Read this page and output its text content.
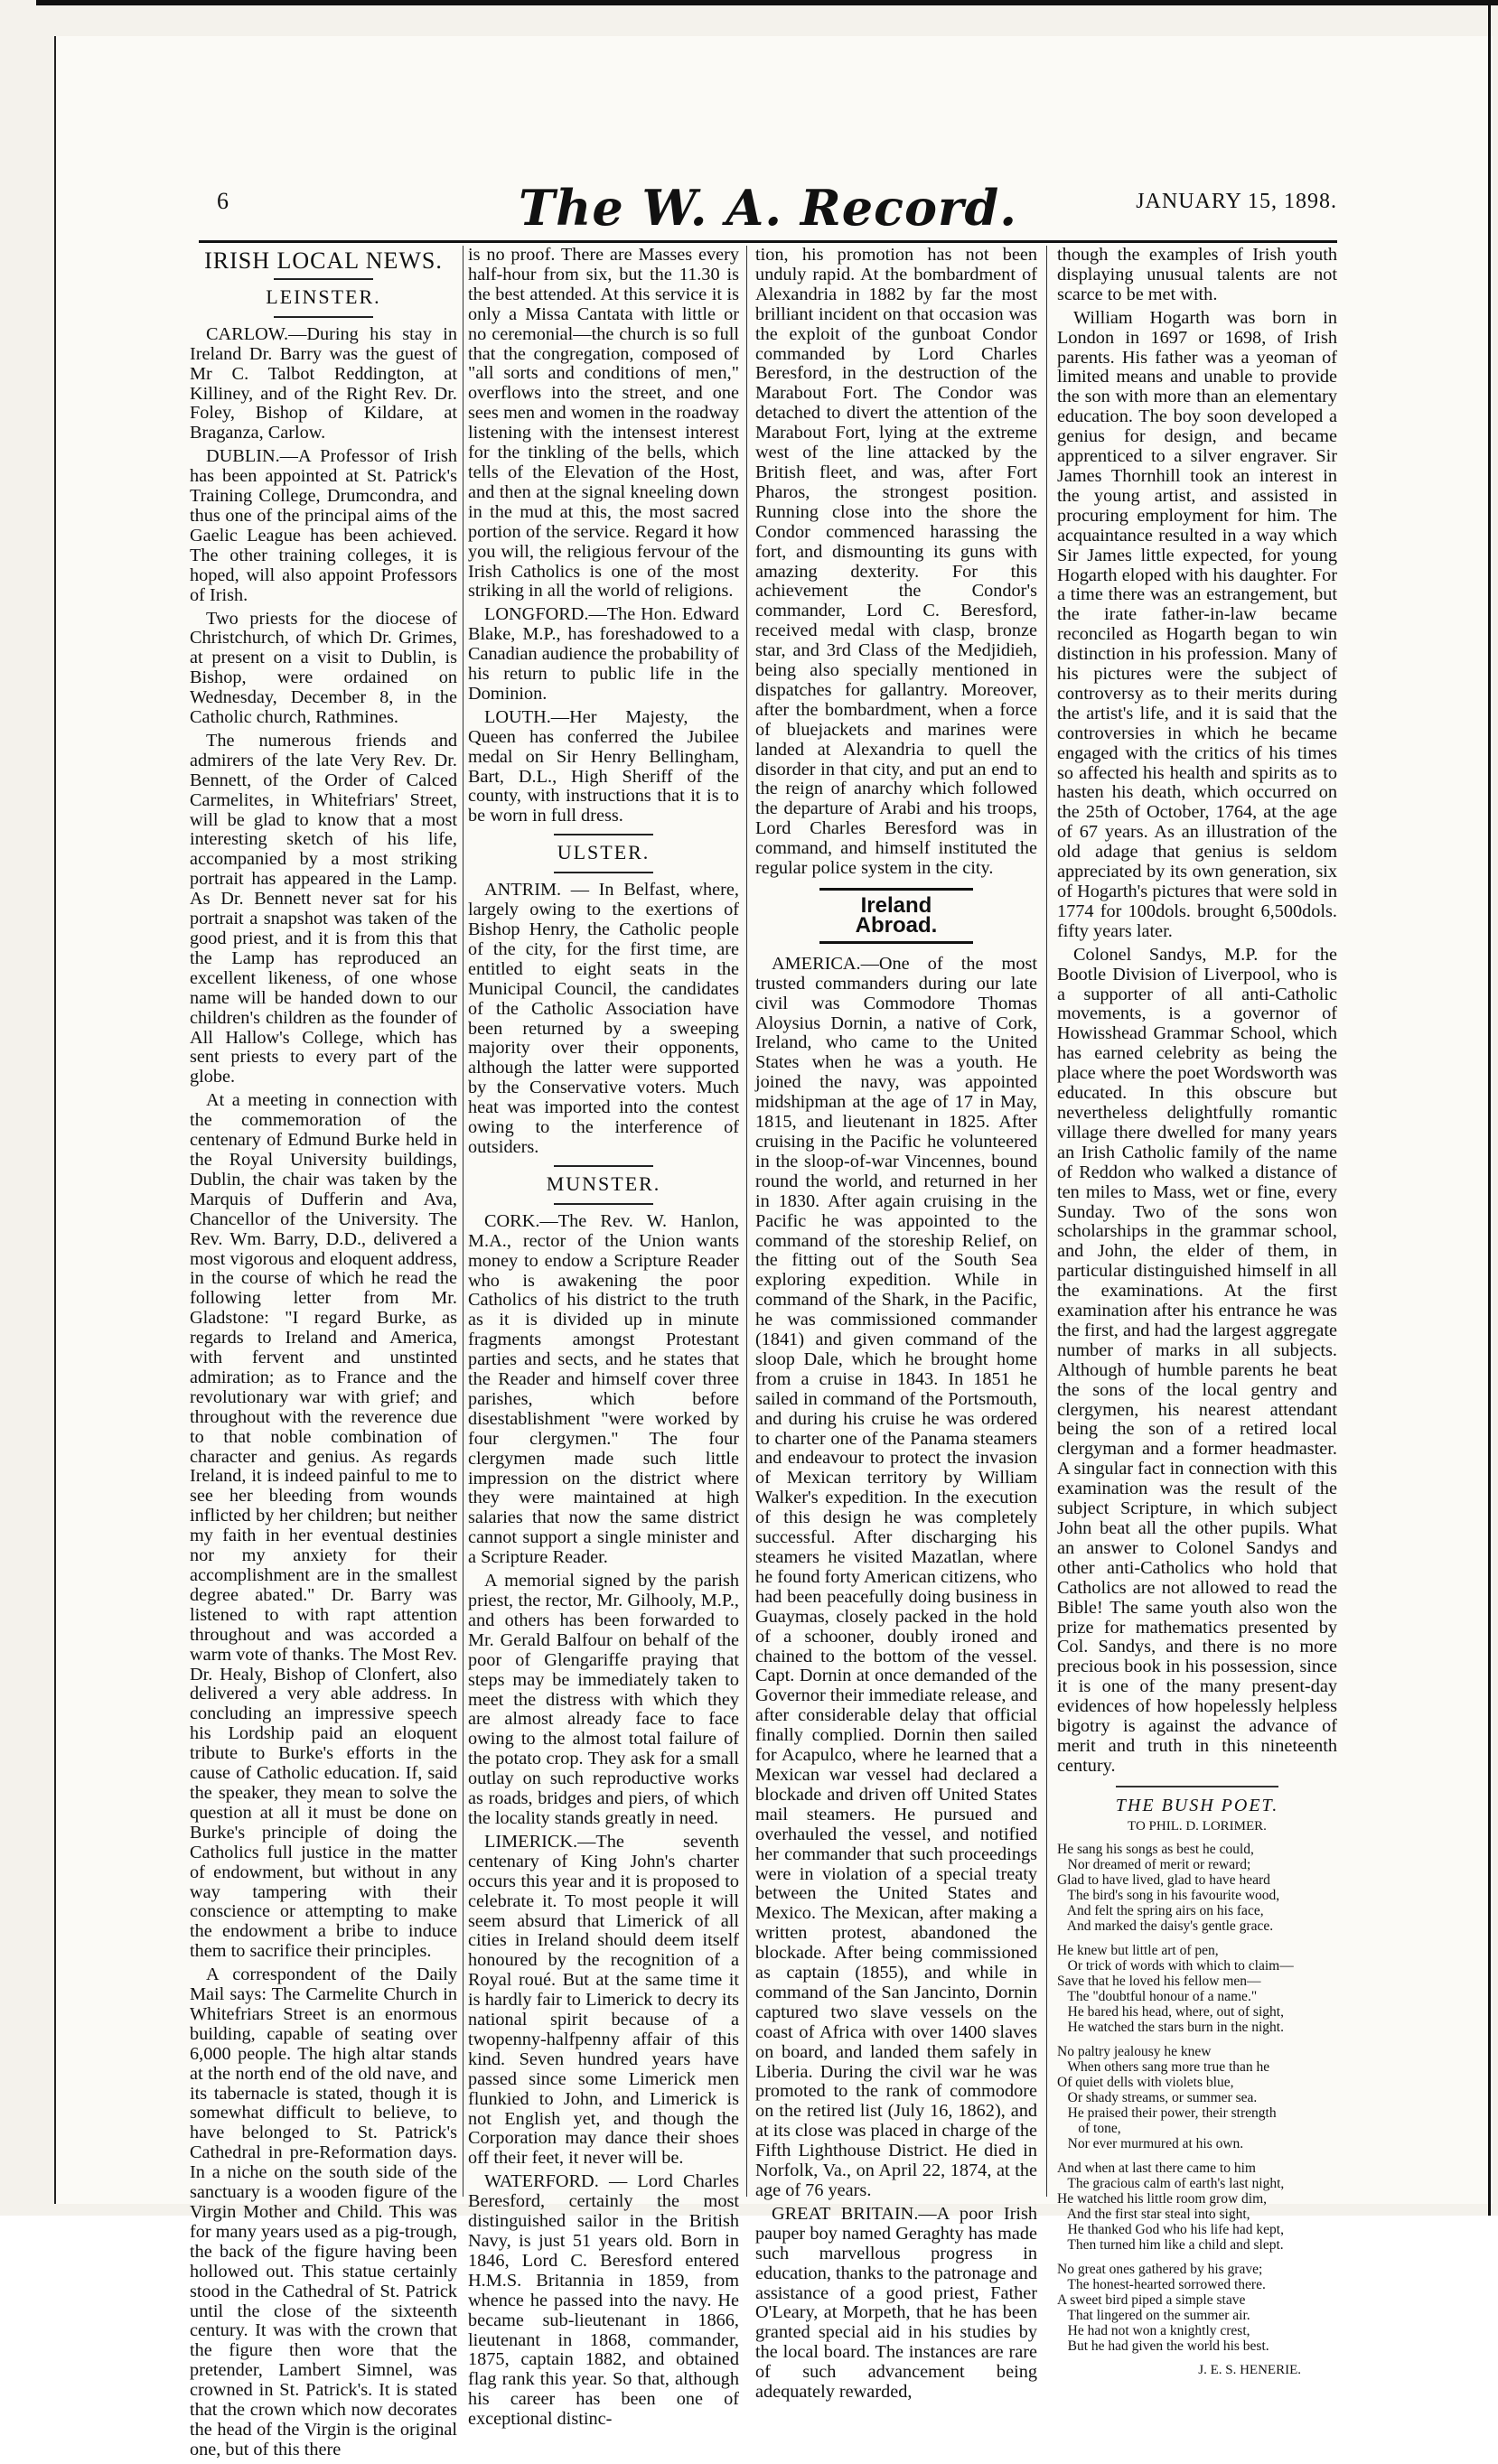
6	The W. A. Record.	JANUARY 15, 1898.
IRISH LOCAL NEWS.
LEINSTER.

CARLOW.—During his stay in Ireland Dr. Barry was the guest of Mr C. Talbot Reddington, at Killiney, and of the Right Rev. Dr. Foley, Bishop of Kildare, at Braganza, Carlow.

DUBLIN.—A Professor of Irish has been appointed at St. Patrick's Training College, Drumcondra, and thus one of the principal aims of the Gaelic League has been achieved. The other training colleges, it is hoped, will also appoint Professors of Irish.

Two priests for the diocese of Christchurch, of which Dr. Grimes, at present on a visit to Dublin, is Bishop, were ordained on Wednesday, December 8, in the Catholic church, Rathmines.

The numerous friends and admirers of the late Very Rev. Dr. Bennett, of the Order of Calced Carmelites, in Whitefriars' Street, will be glad to know that a most interesting sketch of his life, accompanied by a most striking portrait has appeared in the Lamp. As Dr. Bennett never sat for his portrait a snapshot was taken of the good priest, and it is from this that the Lamp has reproduced an excellent likeness, of one whose name will be handed down to our children's children as the founder of All Hallow's College, which has sent priests to every part of the globe.

At a meeting in connection with the commemoration of the centenary of Edmund Burke held in the Royal University buildings, Dublin, the chair was taken by the Marquis of Dufferin and Ava, Chancellor of the University. The Rev. Wm. Barry, D.D., delivered a most vigorous and eloquent address, in the course of which he read the following letter from Mr. Gladstone: "I regard Burke, as regards to Ireland and America, with fervent and unstinted admiration; as to France and the revolutionary war with grief; and throughout with the reverence due to that noble combination of character and genius. As regards Ireland, it is indeed painful to me to see her bleeding from wounds inflicted by her children; but neither my faith in her eventual destinies nor my anxiety for their accomplishment are in the smallest degree abated." Dr. Barry was listened to with rapt attention throughout and was accorded a warm vote of thanks. The Most Rev. Dr. Healy, Bishop of Clonfert, also delivered a very able address. In concluding an impressive speech his Lordship paid an eloquent tribute to Burke's efforts in the cause of Catholic education. If, said the speaker, they mean to solve the question at all it must be done on Burke's principle of doing the Catholics full justice in the matter of endowment, but without in any way tampering with their conscience or attempting to make the endowment a bribe to induce them to sacrifice their principles.

A correspondent of the Daily Mail says: The Carmelite Church in Whitefriars Street is an enormous building, capable of seating over 6,000 people. The high altar stands at the north end of the old nave, and its tabernacle is stated, though it is somewhat difficult to believe, to have belonged to St. Patrick's Cathedral in pre-Reformation days. In a niche on the south side of the sanctuary is a wooden figure of the Virgin Mother and Child. This was for many years used as a pig-trough, the back of the figure having been hollowed out. This statue certainly stood in the Cathedral of St. Patrick until the close of the sixteenth century. It was with the crown that the figure then wore that the pretender, Lambert Simnel, was crowned in St. Patrick's. It is stated that the crown which now decorates the head of the Virgin is the original one, but of this there

is no proof. There are Masses every half-hour from six, but the 11.30 is the best attended. At this service it is only a Missa Cantata with little or no ceremonial—the church is so full that the congregation, composed of "all sorts and conditions of men," overflows into the street, and one sees men and women in the roadway listening with the intensest interest for the tinkling of the bells, which tells of the Elevation of the Host, and then at the signal kneeling down in the mud at this, the most sacred portion of the service. Regard it how you will, the religious fervour of the Irish Catholics is one of the most striking in all the world of religions.

LONGFORD.—The Hon. Edward Blake, M.P., has foreshadowed to a Canadian audience the probability of his return to public life in the Dominion.

LOUTH.—Her Majesty, the Queen has conferred the Jubilee medal on Sir Henry Bellingham, Bart, D.L., High Sheriff of the county, with instructions that it is to be worn in full dress.

ULSTER.

ANTRIM. — In Belfast, where, largely owing to the exertions of Bishop Henry, the Catholic people of the city, for the first time, are entitled to eight seats in the Municipal Council, the candidates of the Catholic Association have been returned by a sweeping majority over their opponents, although the latter were supported by the Conservative voters. Much heat was imported into the contest owing to the interference of outsiders.

MUNSTER.

CORK.—The Rev. W. Hanlon, M.A., rector of the Union wants money to endow a Scripture Reader who is awakening the poor Catholics of his district to the truth as it is divided up in minute fragments amongst Protestant parties and sects, and he states that the Reader and himself cover three parishes, which before disestablishment "were worked by four clergymen." The four clergymen made such little impression on the district where they were maintained at high salaries that now the same district cannot support a single minister and a Scripture Reader.

A memorial signed by the parish priest, the rector, Mr. Gilhooly, M.P., and others has been forwarded to Mr. Gerald Balfour on behalf of the poor of Glengariffe praying that steps may be immediately taken to meet the distress with which they are almost already face to face owing to the almost total failure of the potato crop. They ask for a small outlay on such reproductive works as roads, bridges and piers, of which the locality stands greatly in need.

LIMERICK.—The seventh centenary of King John's charter occurs this year and it is proposed to celebrate it. To most people it will seem absurd that Limerick of all cities in Ireland should deem itself honoured by the recognition of a Royal roué. But at the same time it is hardly fair to Limerick to decry its national spirit because of a twopenny-halfpenny affair of this kind. Seven hundred years have passed since some Limerick men flunkied to John, and Limerick is not English yet, and though the Corporation may dance their shoes off their feet, it never will be.

WATERFORD. — Lord Charles Beresford, certainly the most distinguished sailor in the British Navy, is just 51 years old. Born in 1846, Lord C. Beresford entered H.M.S. Britannia in 1859, from whence he passed into the navy. He became sub-lieutenant in 1866, lieutenant in 1868, commander, 1875, captain 1882, and obtained flag rank this year. So that, although his career has been one of exceptional distinc-

tion, his promotion has not been unduly rapid. At the bombardment of Alexandria in 1882 by far the most brilliant incident on that occasion was the exploit of the gunboat Condor commanded by Lord Charles Beresford, in the destruction of the Marabout Fort. The Condor was detached to divert the attention of the Marabout Fort, lying at the extreme west of the line attacked by the British fleet, and was, after Fort Pharos, the strongest position. Running close into the shore the Condor commenced harassing the fort, and dismounting its guns with amazing dexterity. For this achievement the Condor's commander, Lord C. Beresford, received medal with clasp, bronze star, and 3rd Class of the Medjidieh, being also specially mentioned in dispatches for gallantry. Moreover, after the bombardment, when a force of bluejackets and marines were landed at Alexandria to quell the disorder in that city, and put an end to the reign of anarchy which followed the departure of Arabi and his troops, Lord Charles Beresford was in command, and himself instituted the regular police system in the city.

Ireland Abroad.

AMERICA.—One of the most trusted commanders during our late civil was Commodore Thomas Aloysius Dornin, a native of Cork, Ireland, who came to the United States when he was a youth. He joined the navy, was appointed midshipman at the age of 17 in May, 1815, and lieutenant in 1825. After cruising in the Pacific he volunteered in the sloop-of-war Vincennes, bound round the world, and returned in her in 1830. After again cruising in the Pacific he was appointed to the command of the storeship Relief, on the fitting out of the South Sea exploring expedition. While in command of the Shark, in the Pacific, he was commissioned commander (1841) and given command of the sloop Dale, which he brought home from a cruise in 1843. In 1851 he sailed in command of the Portsmouth, and during his cruise he was ordered to charter one of the Panama steamers and endeavour to protect the invasion of Mexican territory by William Walker's expedition. In the execution of this design he was completely successful. After discharging his steamers he visited Mazatlan, where he found forty American citizens, who had been peacefully doing business in Guaymas, closely packed in the hold of a schooner, doubly ironed and chained to the bottom of the vessel. Capt. Dornin at once demanded of the Governor their immediate release, and after considerable delay that official finally complied. Dornin then sailed for Acapulco, where he learned that a Mexican war vessel had declared a blockade and driven off United States mail steamers. He pursued and overhauled the vessel, and notified her commander that such proceedings were in violation of a special treaty between the United States and Mexico. The Mexican, after making a written protest, abandoned the blockade. After being commissioned as captain (1855), and while in command of the San Jancinto, Dornin captured two slave vessels on the coast of Africa with over 1400 slaves on board, and landed them safely in Liberia. During the civil war he was promoted to the rank of commodore on the retired list (July 16, 1862), and at its close was placed in charge of the Fifth Lighthouse District. He died in Norfolk, Va., on April 22, 1874, at the age of 76 years.

GREAT BRITAIN.—A poor Irish pauper boy named Geraghty has made such marvellous progress in education, thanks to the patronage and assistance of a good priest, Father O'Leary, at Morpeth, that he has been granted special aid in his studies by the local board. The instances are rare of such advancement being adequately rewarded,

though the examples of Irish youth displaying unusual talents are not scarce to be met with.

William Hogarth was born in London in 1697 or 1698, of Irish parents. His father was a yeoman of limited means and unable to provide the son with more than an elementary education. The boy soon developed a genius for design, and became apprenticed to a silver engraver. Sir James Thornhill took an interest in the young artist, and assisted in procuring employment for him. The acquaintance resulted in a way which Sir James little expected, for young Hogarth eloped with his daughter. For a time there was an estrangement, but the irate father-in-law became reconciled as Hogarth began to win distinction in his profession. Many of his pictures were the subject of controversy as to their merits during the artist's life, and it is said that the controversies in which he became engaged with the critics of his times so affected his health and spirits as to hasten his death, which occurred on the 25th of October, 1764, at the age of 67 years. As an illustration of the old adage that genius is seldom appreciated by its own generation, six of Hogarth's pictures that were sold in 1774 for 100dols. brought 6,500dols. fifty years later.

Colonel Sandys, M.P. for the Bootle Division of Liverpool, who is a supporter of all anti-Catholic movements, is a governor of Howisshead Grammar School, which has earned celebrity as being the place where the poet Wordsworth was educated. In this obscure but nevertheless delightfully romantic village there dwelled for many years an Irish Catholic family of the name of Reddon who walked a distance of ten miles to Mass, wet or fine, every Sunday. Two of the sons won scholarships in the grammar school, and John, the elder of them, in particular distinguished himself in all the examinations. At the first examination after his entrance he was the first, and had the largest aggregate number of marks in all subjects. Although of humble parents he beat the sons of the local gentry and clergymen, his nearest attendant being the son of a retired local clergyman and a former headmaster. A singular fact in connection with this examination was the result of the subject Scripture, in which subject John beat all the other pupils. What an answer to Colonel Sandys and other anti-Catholics who hold that Catholics are not allowed to read the Bible! The same youth also won the prize for mathematics presented by Col. Sandys, and there is no more precious book in his possession, since it is one of the many present-day evidences of how hopelessly helpless bigotry is against the advance of merit and truth in this nineteenth century.

THE BUSH POET.
TO PHIL. D. LORIMER.
He sang his songs as best he could,
Nor dreamed of merit or reward;
Glad to have lived, glad to have heard
The bird's song in his favourite wood,
And felt the spring airs on his face,
And marked the daisy's gentle grace.
He knew but little art of pen,
Or trick of words with which to claim—
Save that he loved his fellow men—
The "doubtful honour of a name."
He bared his head, where, out of sight,
He watched the stars burn in the night.
No paltry jealousy he knew
When others sang more true than he
Of quiet dells with violets blue,
Or shady streams, or summer sea.
He praised their power, their strength
of tone,
Nor ever murmured at his own.
And when at last there came to him
The gracious calm of earth's last night,
He watched his little room grow dim,
And the first star steal into sight,
He thanked God who his life had kept,
Then turned him like a child and slept.
No great ones gathered by his grave;
The honest-hearted sorrowed there.
A sweet bird piped a simple stave
That lingered on the summer air.
He had not won a knightly crest,
But he had given the world his best.
J. E. S. HENERIE.
